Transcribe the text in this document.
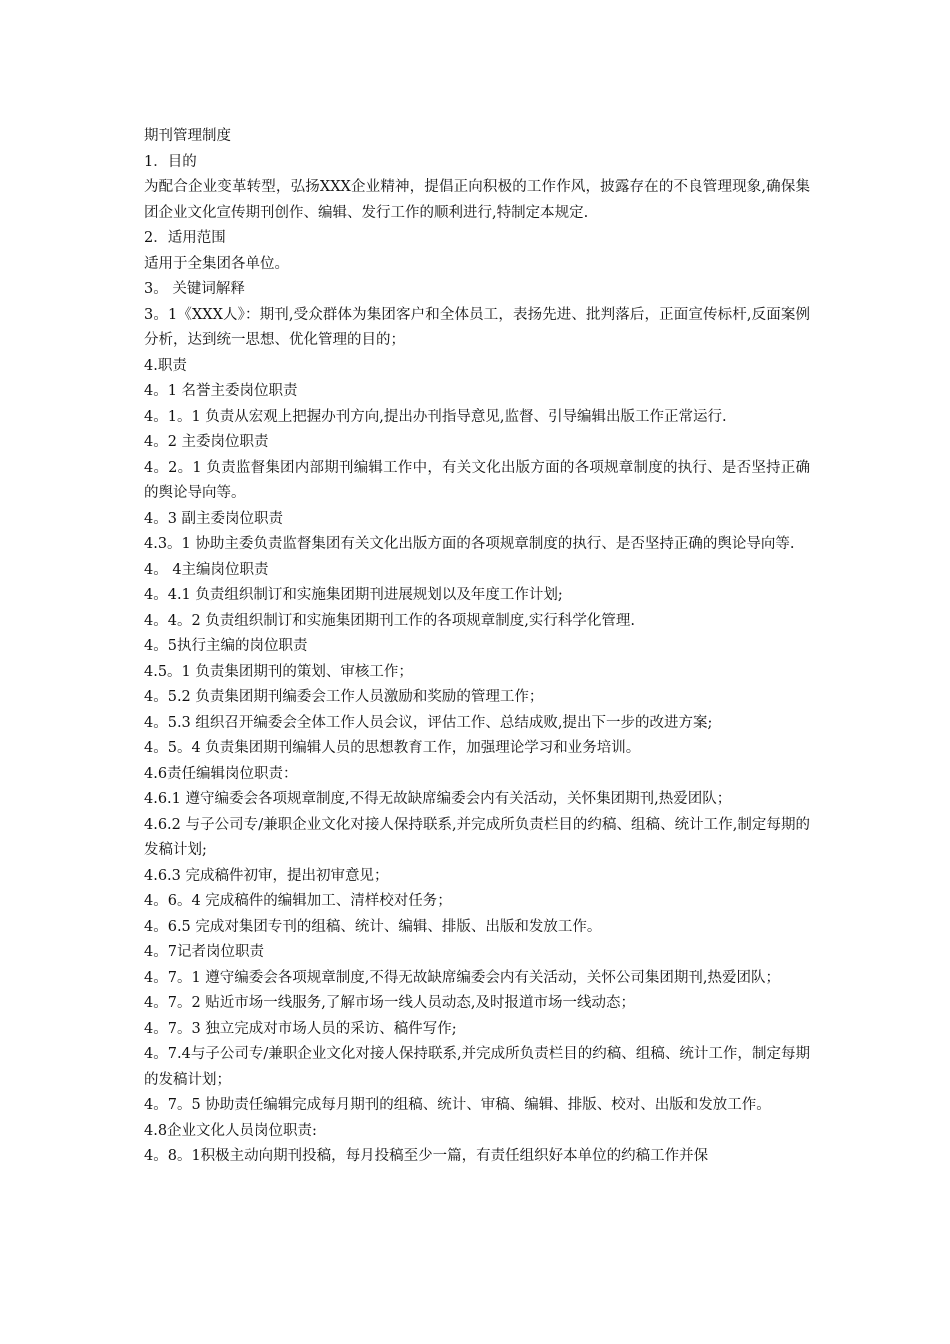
期刊管理制度

1．目的

为配合企业变革转型，弘扬XXX企业精神，提倡正向积极的工作作风，披露存在的不良管理现象,确保集团企业文化宣传期刊创作、编辑、发行工作的顺利进行,特制定本规定.

2．适用范围

适用于全集团各单位。

3。 关键词解释

3。1《XXX人》：期刊,受众群体为集团客户和全体员工，表扬先进、批判落后，正面宣传标杆,反面案例分析，达到统一思想、优化管理的目的；

4.职责

4。1 名誉主委岗位职责

4。1。1 负责从宏观上把握办刊方向,提出办刊指导意见,监督、引导编辑出版工作正常运行.

4。2 主委岗位职责

4。2。1 负责监督集团内部期刊编辑工作中，有关文化出版方面的各项规章制度的执行、是否坚持正确的舆论导向等。

4。3 副主委岗位职责

4.3。1 协助主委负责监督集团有关文化出版方面的各项规章制度的执行、是否坚持正确的舆论导向等.

4。 4主编岗位职责

4。4.1 负责组织制订和实施集团期刊进展规划以及年度工作计划;

4。4。2 负责组织制订和实施集团期刊工作的各项规章制度,实行科学化管理.

4。5执行主编的岗位职责

4.5。1 负责集团期刊的策划、审核工作；

4。5.2 负责集团期刊编委会工作人员激励和奖励的管理工作；

4。5.3 组织召开编委会全体工作人员会议，评估工作、总结成败,提出下一步的改进方案;

4。5。4 负责集团期刊编辑人员的思想教育工作，加强理论学习和业务培训。

4.6责任编辑岗位职责：

4.6.1 遵守编委会各项规章制度,不得无故缺席编委会内有关活动，关怀集团期刊,热爱团队；

4.6.2 与子公司专/兼职企业文化对接人保持联系,并完成所负责栏目的约稿、组稿、统计工作,制定每期的发稿计划;

4.6.3 完成稿件初审，提出初审意见；

4。6。4 完成稿件的编辑加工、清样校对任务；

4。6.5 完成对集团专刊的组稿、统计、编辑、排版、出版和发放工作。

4。7记者岗位职责

4。7。1 遵守编委会各项规章制度,不得无故缺席编委会内有关活动，关怀公司集团期刊,热爱团队；

4。7。2 贴近市场一线服务,了解市场一线人员动态,及时报道市场一线动态；

4。7。3 独立完成对市场人员的采访、稿件写作;

4。7.4与子公司专/兼职企业文化对接人保持联系,并完成所负责栏目的约稿、组稿、统计工作，制定每期的发稿计划；

4。7。5 协助责任编辑完成每月期刊的组稿、统计、审稿、编辑、排版、校对、出版和发放工作。

4.8企业文化人员岗位职责:

4。8。1积极主动向期刊投稿，每月投稿至少一篇，有责任组织好本单位的约稿工作并保
